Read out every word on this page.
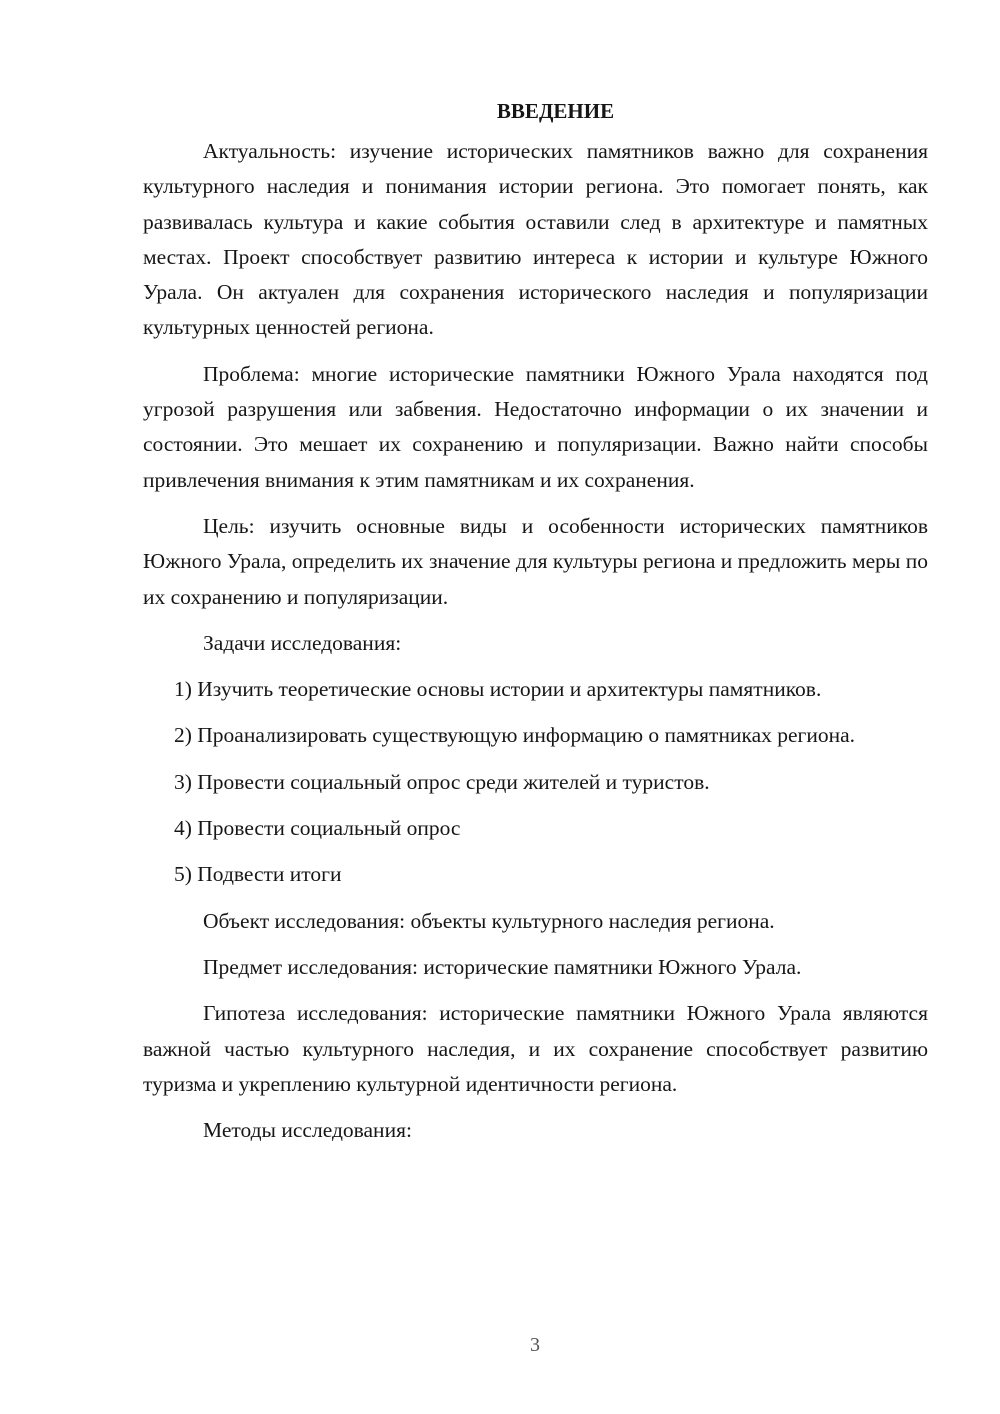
ВВЕДЕНИЕ

Актуальность: изучение исторических памятников важно для сохранения культурного наследия и понимания истории региона. Это помогает понять, как развивалась культура и какие события оставили след в архитектуре и памятных местах. Проект способствует развитию интереса к истории и культуре Южного Урала. Он актуален для сохранения исторического наследия и популяризации культурных ценностей региона.

Проблема: многие исторические памятники Южного Урала находятся под угрозой разрушения или забвения. Недостаточно информации о их значении и состоянии. Это мешает их сохранению и популяризации. Важно найти способы привлечения внимания к этим памятникам и их сохранения.

Цель: изучить основные виды и особенности исторических памятников Южного Урала, определить их значение для культуры региона и предложить меры по их сохранению и популяризации.

Задачи исследования:

1) Изучить теоретические основы истории и архитектуры памятников.

2) Проанализировать существующую информацию о памятниках региона.

3) Провести социальный опрос среди жителей и туристов.

4) Провести социальный опрос

5) Подвести итоги

Объект исследования: объекты культурного наследия региона.

Предмет исследования: исторические памятники Южного Урала.

Гипотеза исследования: исторические памятники Южного Урала являются важной частью культурного наследия, и их сохранение способствует развитию туризма и укреплению культурной идентичности региона.

Методы исследования:

3
